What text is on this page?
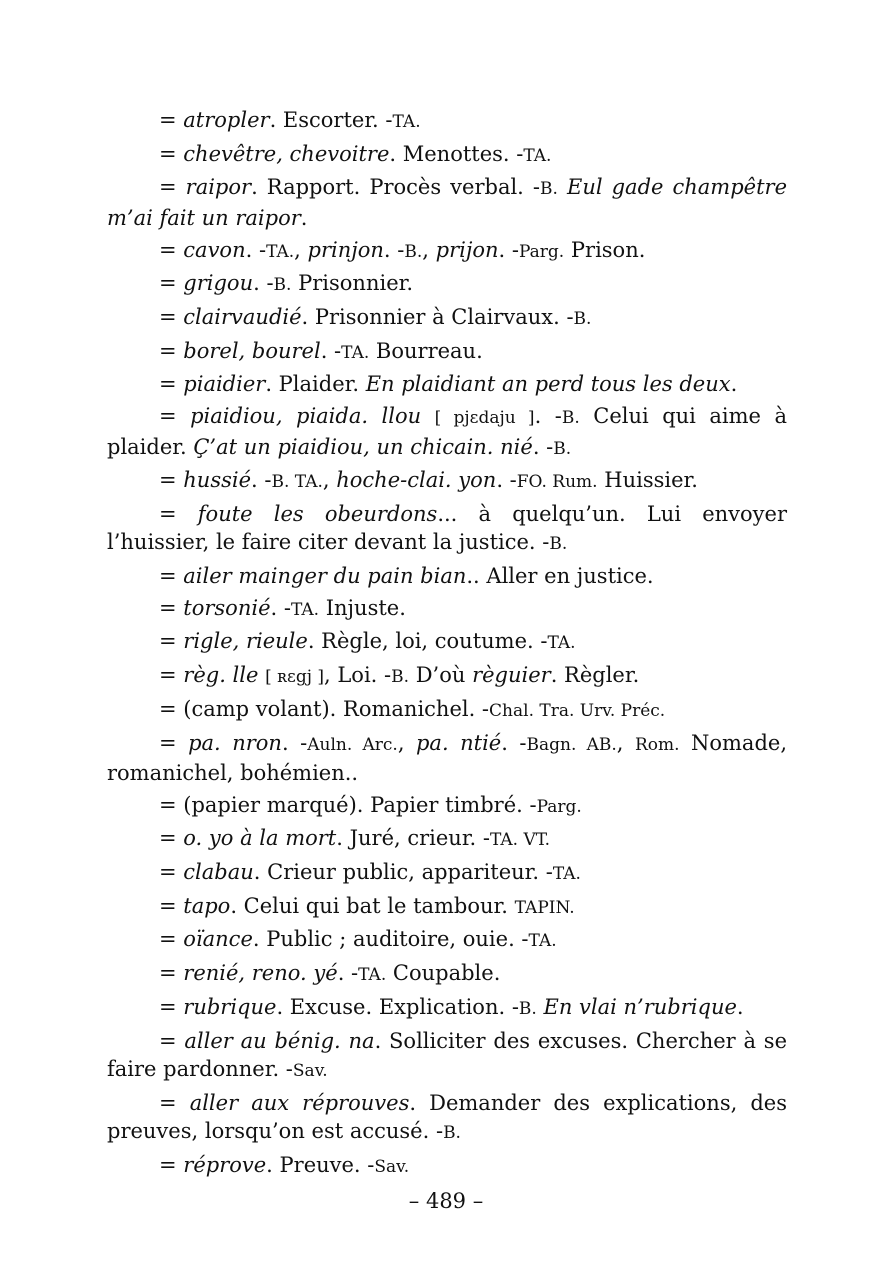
= atropler. Escorter. -TA.

= chevêtre, chevoitre. Menottes. -TA.

= raipor. Rapport. Procès verbal. -B. Eul gade champêtre m’ai fait un raipor.

= cavon. -TA., prinjon. -B., prijon. -Parg. Prison.

= grigou. -B. Prisonnier.

= clairvaudié. Prisonnier à Clairvaux. -B.

= borel, bourel. -TA. Bourreau.

= piaidier. Plaider. En plaidiant an perd tous les deux.

= piaidiou, piaida. llou [ pjɛdaju ]. -B. Celui qui aime à plaider. Ç’at un piaidiou, un chicain. nié. -B.

= hussié. -B. TA., hoche-clai. yon. -FO. Rum. Huissier.

= foute les obeurdons... à quelqu’un. Lui envoyer l’huissier, le faire citer devant la justice. -B.

= ailer mainger du pain bian.. Aller en justice.

= torsonié. -TA. Injuste.

= rigle, rieule. Règle, loi, coutume. -TA.

= règ. lle [ ʀɛgj ], Loi. -B. D’où règuier. Règler.

= (camp volant). Romanichel. -Chal. Tra. Urv. Préc.

= pa. nron. -Auln. Arc., pa. ntié. -Bagn. AB., Rom. Nomade, romanichel, bohémien..

= (papier marqué). Papier timbré. -Parg.

= o. yo à la mort. Juré, crieur. -TA. VT.

= clabau. Crieur public, appariteur. -TA.

= tapo. Celui qui bat le tambour. TAPIN.

= oïance. Public ; auditoire, ouie. -TA.

= renié, reno. yé. -TA. Coupable.

= rubrique. Excuse. Explication. -B. En vlai n’rubrique.

= aller au bénig. na. Solliciter des excuses. Chercher à se faire pardonner. -Sav.

= aller aux réprouves. Demander des explications, des preuves, lorsqu’on est accusé. -B.

= réprove. Preuve. -Sav.

– 489 –
